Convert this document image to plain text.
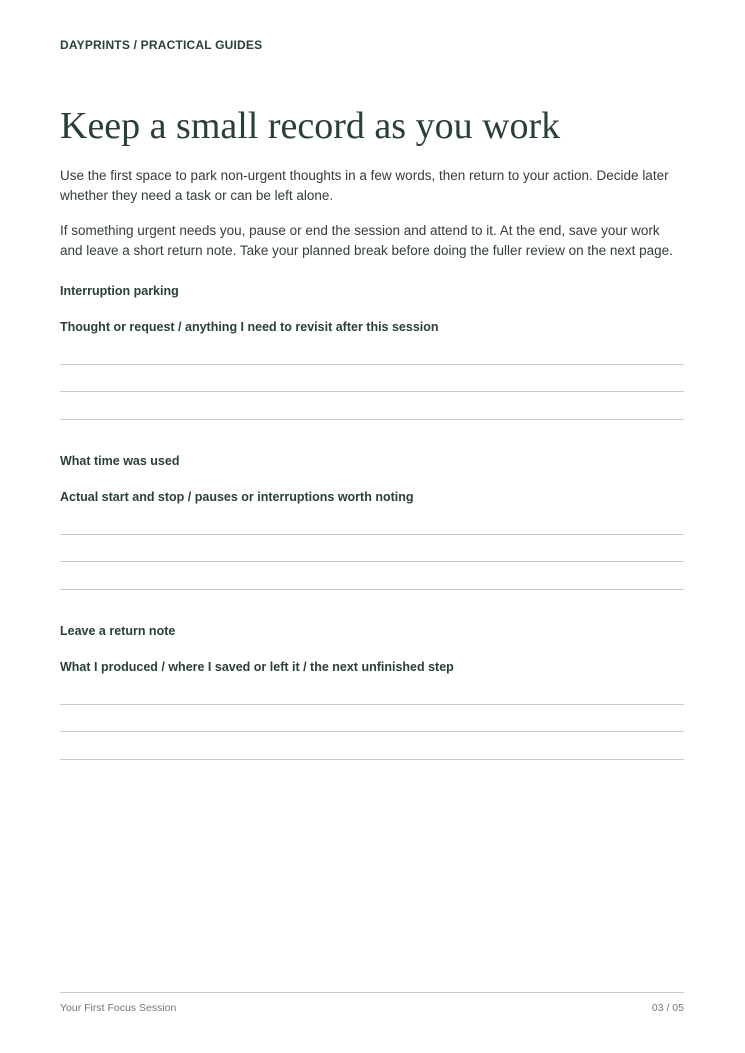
DAYPRINTS / PRACTICAL GUIDES
Keep a small record as you work

Use the first space to park non-urgent thoughts in a few words, then return to your action. Decide later whether they need a task or can be left alone.

If something urgent needs you, pause or end the session and attend to it. At the end, save your work and leave a short return note. Take your planned break before doing the fuller review on the next page.

Interruption parking
Thought or request / anything I need to revisit after this session
What time was used
Actual start and stop / pauses or interruptions worth noting
Leave a return note
What I produced / where I saved or left it / the next unfinished step
Your First Focus Session	03 / 05
